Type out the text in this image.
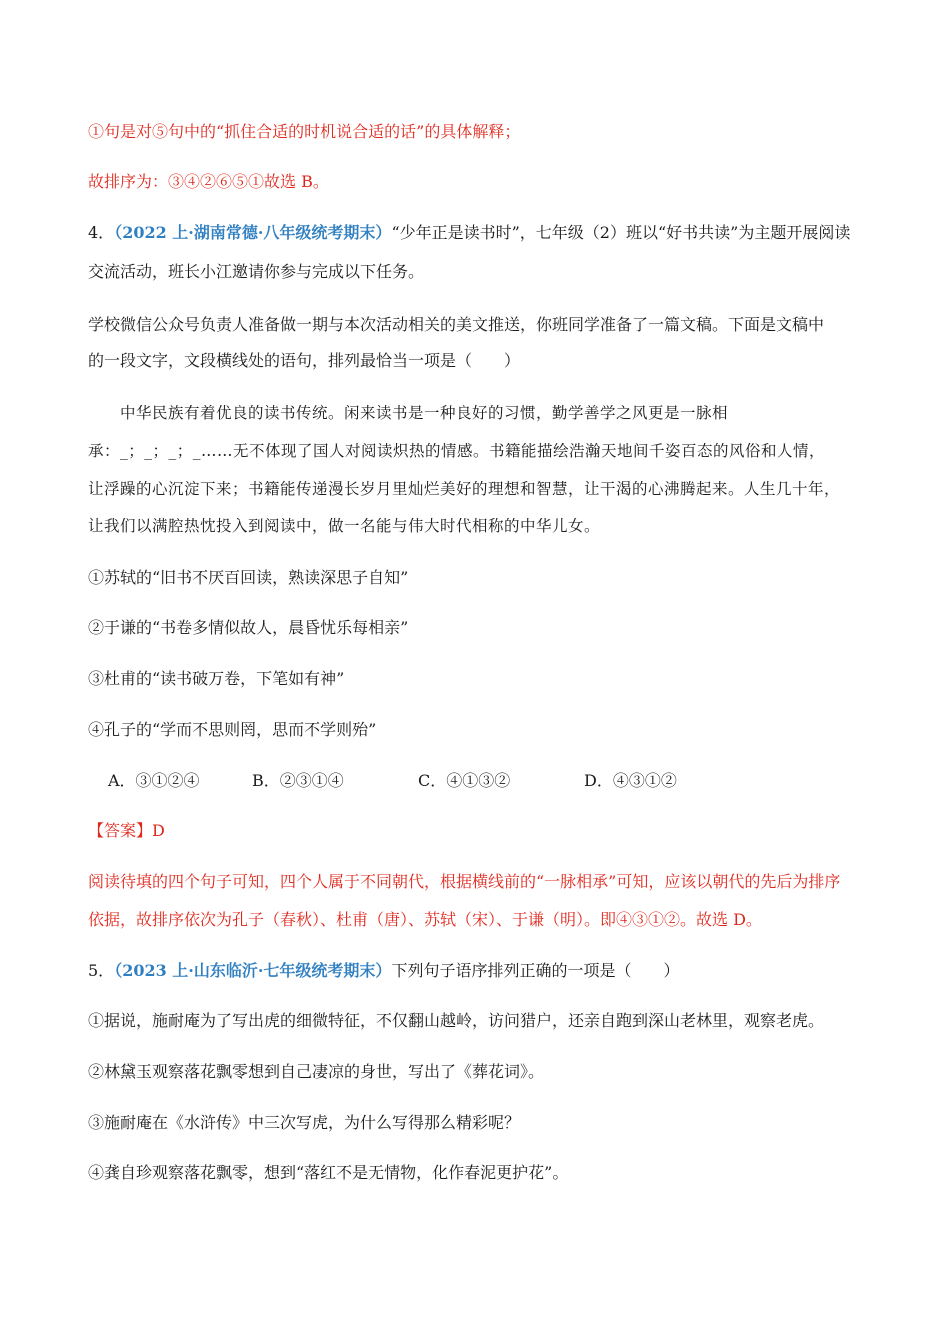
①句是对⑤句中的“抓住合适的时机说合适的话”的具体解释；
故排序为：③④②⑥⑤①故选 B。
4．（2022 上·湖南常德·八年级统考期末）“少年正是读书时”，七年级（2）班以“好书共读”为主题开展阅读
交流活动，班长小江邀请你参与完成以下任务。
学校微信公众号负责人准备做一期与本次活动相关的美文推送，你班同学准备了一篇文稿。下面是文稿中
的一段文字，文段横线处的语句，排列最恰当一项是（　　）
中华民族有着优良的读书传统。闲来读书是一种良好的习惯，勤学善学之风更是一脉相
承：_；_；_；_……无不体现了国人对阅读炽热的情感。书籍能描绘浩瀚天地间千姿百态的风俗和人情，
让浮躁的心沉淀下来；书籍能传递漫长岁月里灿烂美好的理想和智慧，让干渴的心沸腾起来。人生几十年，
让我们以满腔热忱投入到阅读中，做一名能与伟大时代相称的中华儿女。
①苏轼的“旧书不厌百回读，熟读深思子自知”
②于谦的“书卷多情似故人，晨昏忧乐每相亲”
③杜甫的“读书破万卷，下笔如有神”
④孔子的“学而不思则罔，思而不学则殆”
A．③①②④	B．②③①④	C．④①③②	D．④③①②
【答案】D
阅读待填的四个句子可知，四个人属于不同朝代，根据横线前的“一脉相承”可知，应该以朝代的先后为排序
依据，故排序依次为孔子（春秋）、杜甫（唐）、苏轼（宋）、于谦（明）。即④③①②。故选 D。
5．（2023 上·山东临沂·七年级统考期末）下列句子语序排列正确的一项是（　　）
①据说，施耐庵为了写出虎的细微特征，不仅翻山越岭，访问猎户，还亲自跑到深山老林里，观察老虎。
②林黛玉观察落花飘零想到自己凄凉的身世，写出了《葬花词》。
③施耐庵在《水浒传》中三次写虎，为什么写得那么精彩呢？
④龚自珍观察落花飘零，想到“落红不是无情物，化作春泥更护花”。
